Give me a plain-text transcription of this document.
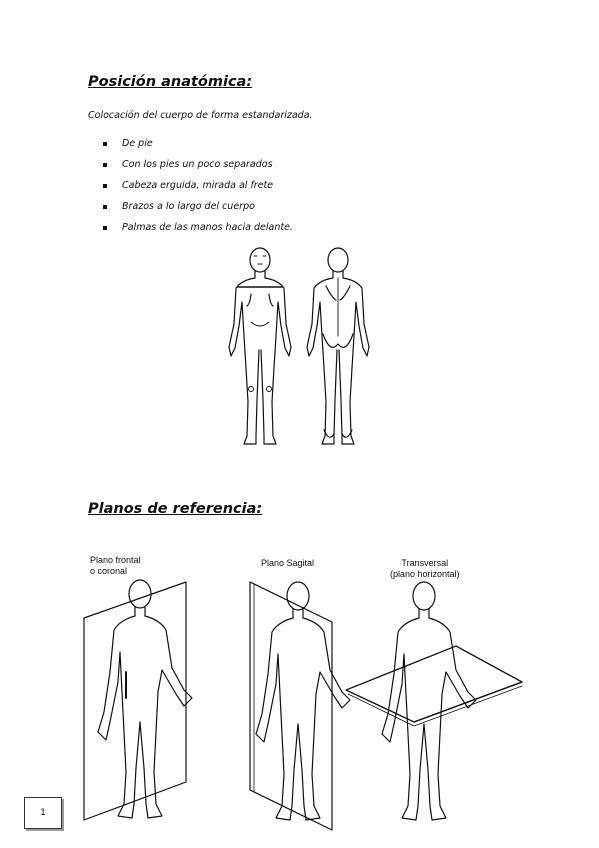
Posición anatómica:

Colocación del cuerpo de forma estandarizada.

De pie
Con los pies un poco separados
Cabeza erguida, mirada al frete
Brazos a lo largo del cuerpo
Palmas de las manos hacia delante.
Planos de referencia:
Plano frontal
o coronal
Plano Sagital	Transversal
(plano horizontal)
1
